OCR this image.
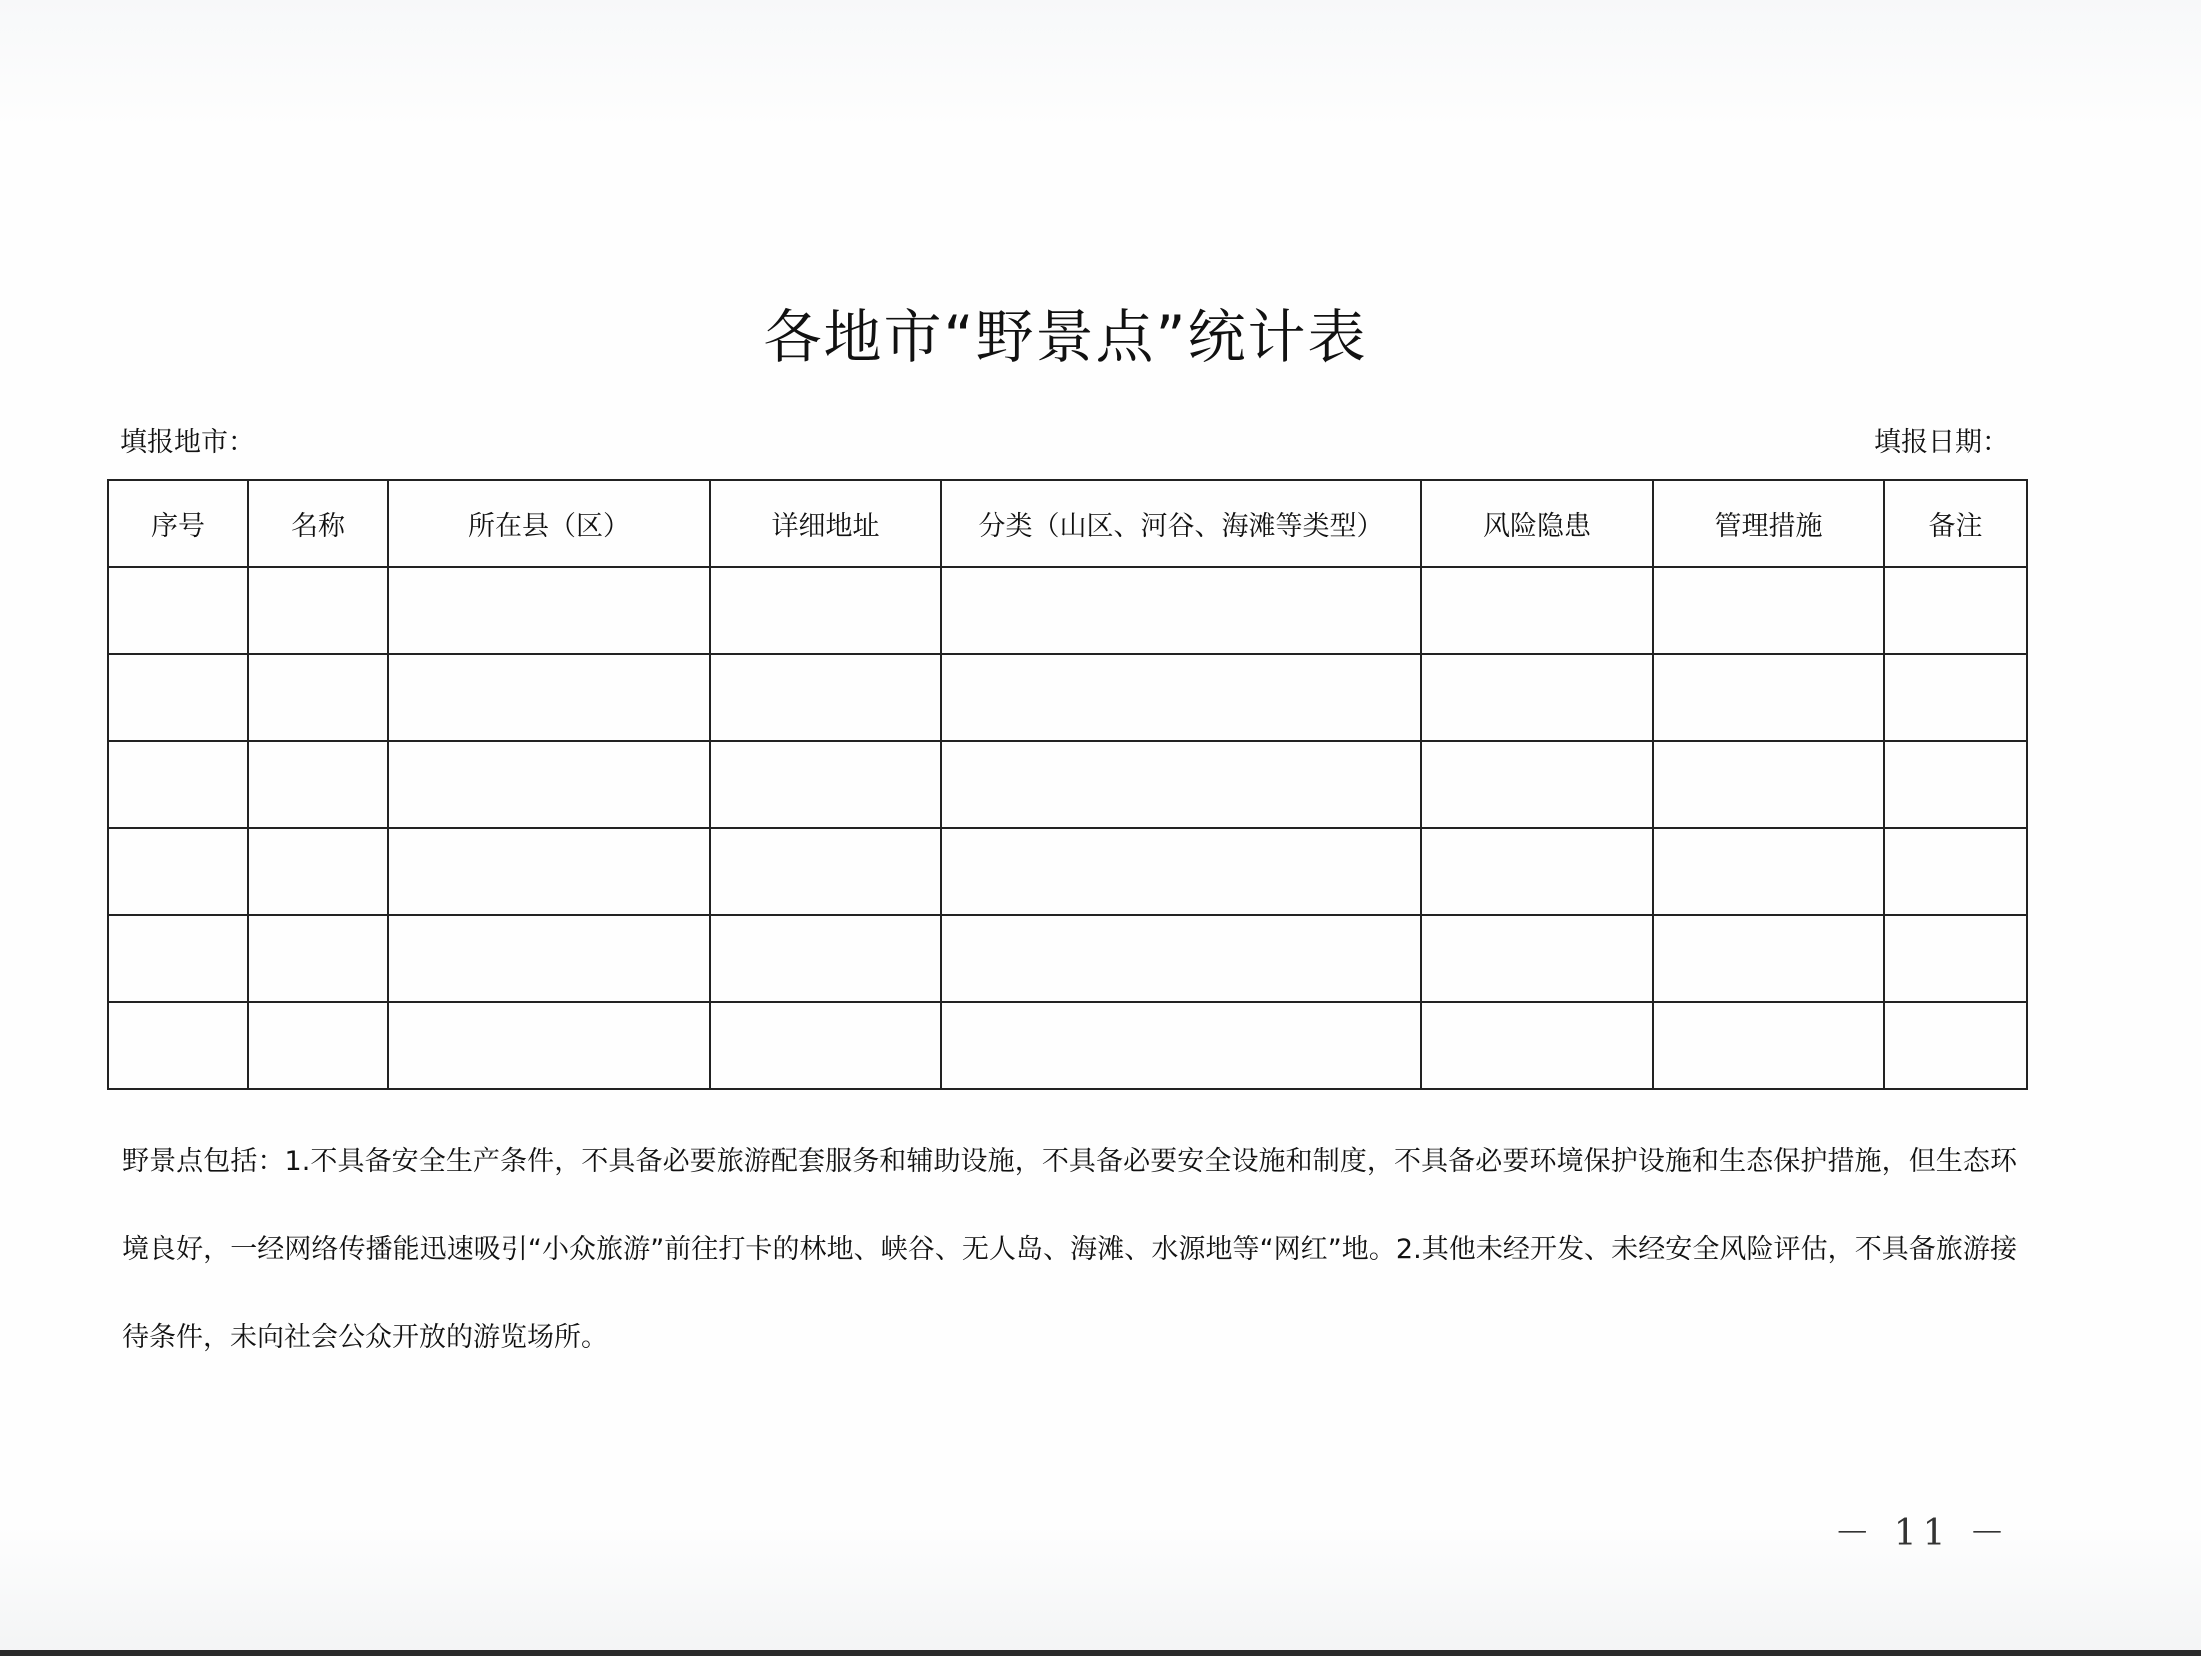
各地市“野景点”统计表
填报地市：	填报日期：
序号	名称	所在县（区）	详细地址	分类（山区、河谷、海滩等类型）	风险隐患	管理措施	备注

野景点包括：1.不具备安全生产条件，不具备必要旅游配套服务和辅助设施，不具备必要安全设施和制度，不具备必要环境保护设施和生态保护措施，但生态环境良好，一经网络传播能迅速吸引“小众旅游”前往打卡的林地、峡谷、无人岛、海滩、水源地等“网红”地。2.其他未经开发、未经安全风险评估，不具备旅游接待条件，未向社会公众开放的游览场所。
－ 11 －
